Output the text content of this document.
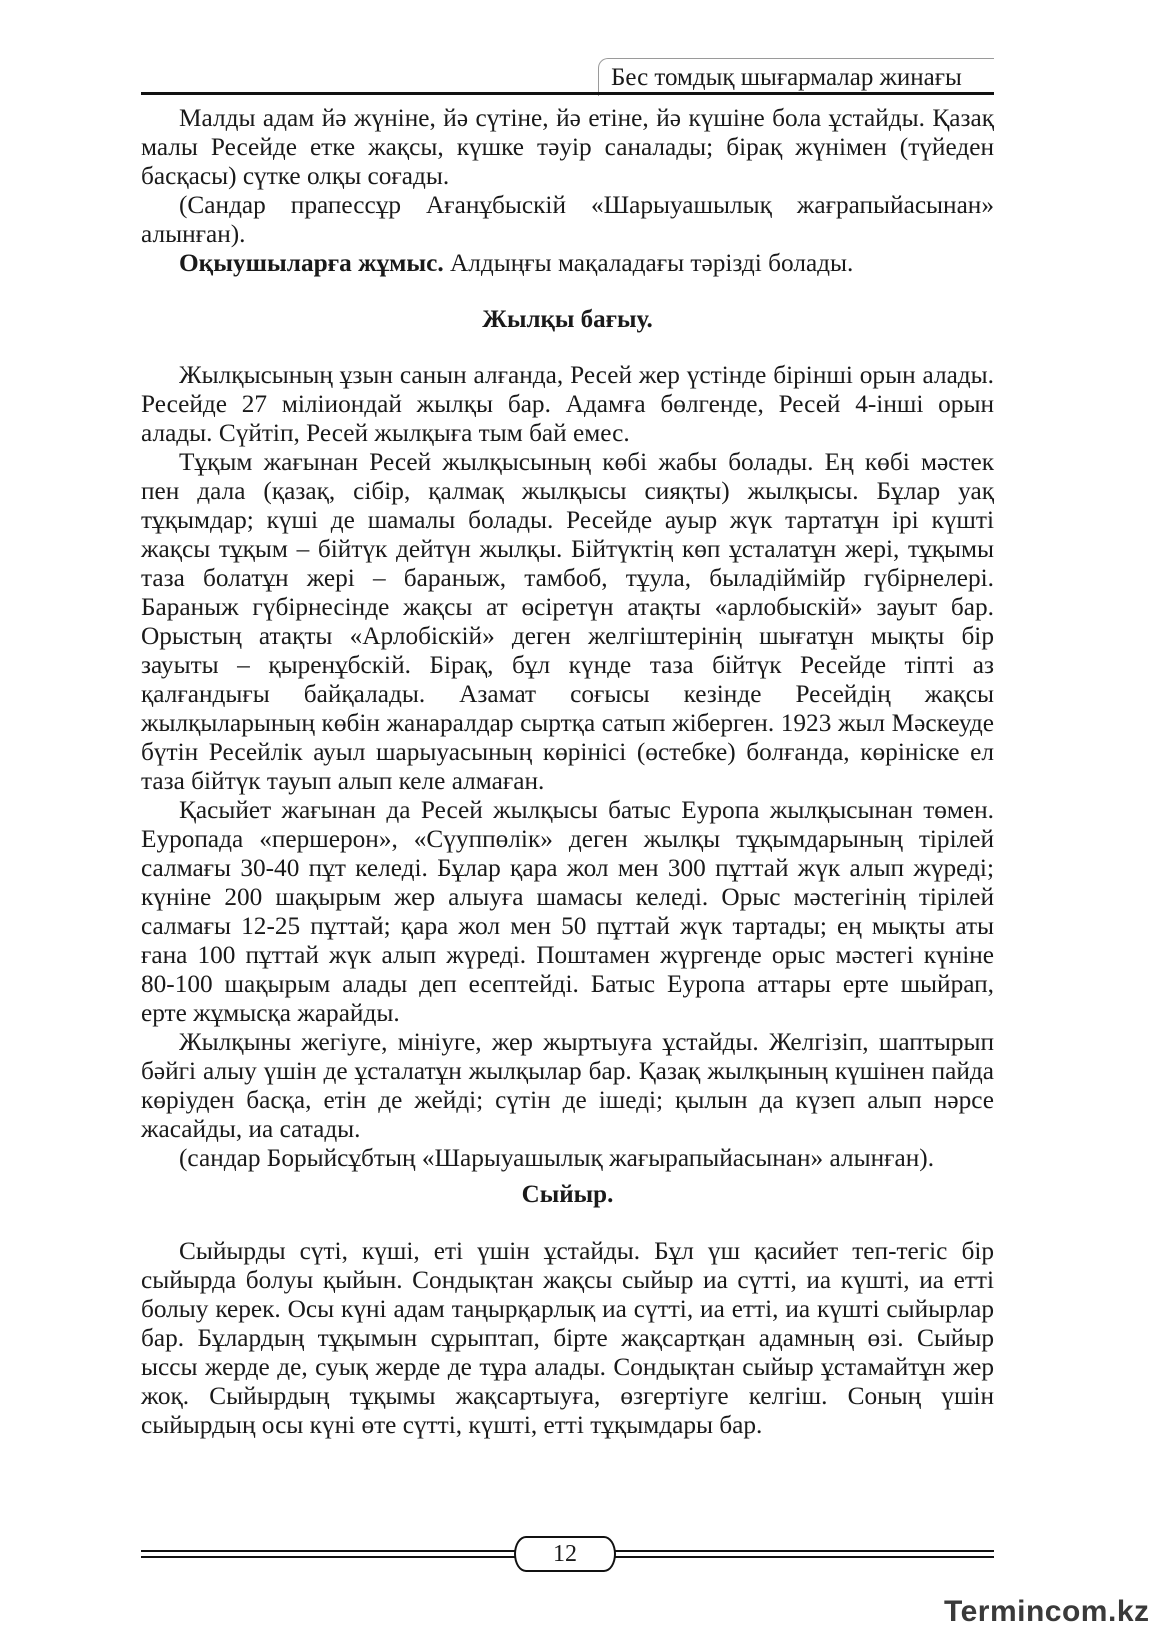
Бес томдық шығармалар жинағы

Малды адам йә жүніне, йә сүтіне, йә етіне, йә күшіне бола ұстайды. Қазақ малы Ресейде етке жақсы, күшке тәуір саналады; бірақ жүнімен (түйеден басқасы) сүтке олқы соғады.

(Сандар прапессұр Ағанұбыскій «Шарыуашылық жағрапыйасынан» алынған).

Оқыушыларға жұмыс. Алдыңғы мақаладағы тәрізді болады.

Жылқы бағыу.

Жылқысының ұзын санын алғанда, Ресей жер үстінде бірінші орын алады. Ресейде 27 міліиондай жылқы бар. Адамға бөлгенде, Ресей 4-інші орын алады. Сүйтіп, Ресей жылқыға тым бай емес.

Тұқым жағынан Ресей жылқысының көбі жабы болады. Ең көбі мәстек пен дала (қазақ, сібір, қалмақ жылқысы сияқты) жылқысы. Бұлар уақ тұқымдар; күші де шамалы болады. Ресейде ауыр жүк тартатұн ірі күшті жақсы тұқым – бійтүк дейтүн жылқы. Бійтүктің көп ұсталатұн жері, тұқымы таза болатұн жері – бараныж, тамбоб, тұула, быладіймійр гүбірнелері. Бараныж гүбірнесінде жақсы ат өсіретүн атақты «арлобыскій» зауыт бар. Орыстың атақты «Арлобіскій» деген желгіштерінің шығатұн мықты бір зауыты – қыренұбскій. Бірақ, бұл күнде таза бійтүк Ресейде тіпті аз қалғандығы байқалады. Азамат соғысы кезінде Ресейдің жақсы жылқыларының көбін жанаралдар сыртқа сатып жіберген. 1923 жыл Мәскеуде бүтін Ресейлік ауыл шарыуасының көрінісі (өстебке) болғанда, көрініске ел таза бійтүк тауып алып келе алмаған.

Қасыйет жағынан да Ресей жылқысы батыс Еуропа жылқысынан төмен. Еуропада «першерон», «Сүуппөлік» деген жылқы тұқымдарының тірілей салмағы 30-40 пұт келеді. Бұлар қара жол мен 300 пұттай жүк алып жүреді; күніне 200 шақырым жер алыуға шамасы келеді. Орыс мәстегінің тірілей салмағы 12-25 пұттай; қара жол мен 50 пұттай жүк тартады; ең мықты аты ғана 100 пұттай жүк алып жүреді. Поштамен жүргенде орыс мәстегі күніне 80-100 шақырым алады деп есептейді. Батыс Еуропа аттары ерте шыйрап, ерте жұмысқа жарайды.

Жылқыны жегіуге, мініуге, жер жыртыуға ұстайды. Желгізіп, шаптырып бәйгі алыу үшін де ұсталатұн жылқылар бар. Қазақ жылқының күшінен пайда көріуден басқа, етін де жейді; сүтін де ішеді; қылын да күзеп алып нәрсе жасайды, иа сатады.

(сандар Борыйсұбтың «Шарыуашылық жағырапыйасынан» алынған).

Сыйыр.

Сыйырды сүті, күші, еті үшін ұстайды. Бұл үш қасийет теп-тегіс бір сыйырда болуы қыйын. Сондықтан жақсы сыйыр иа сүтті, иа күшті, иа етті болыу керек. Осы күні адам таңырқарлық иа сүтті, иа етті, иа күшті сыйырлар бар. Бұлардың тұқымын сұрыптап, бірте жақсартқан адамның өзі. Сыйыр ыссы жерде де, суық жерде де тұра алады. Сондықтан сыйыр ұстамайтұн жер жоқ. Сыйырдың тұқымы жақсартыуға, өзгертіуге келгіш. Соның үшін сыйырдың осы күні өте сүтті, күшті, етті тұқымдары бар.

12
Termincom.kz
